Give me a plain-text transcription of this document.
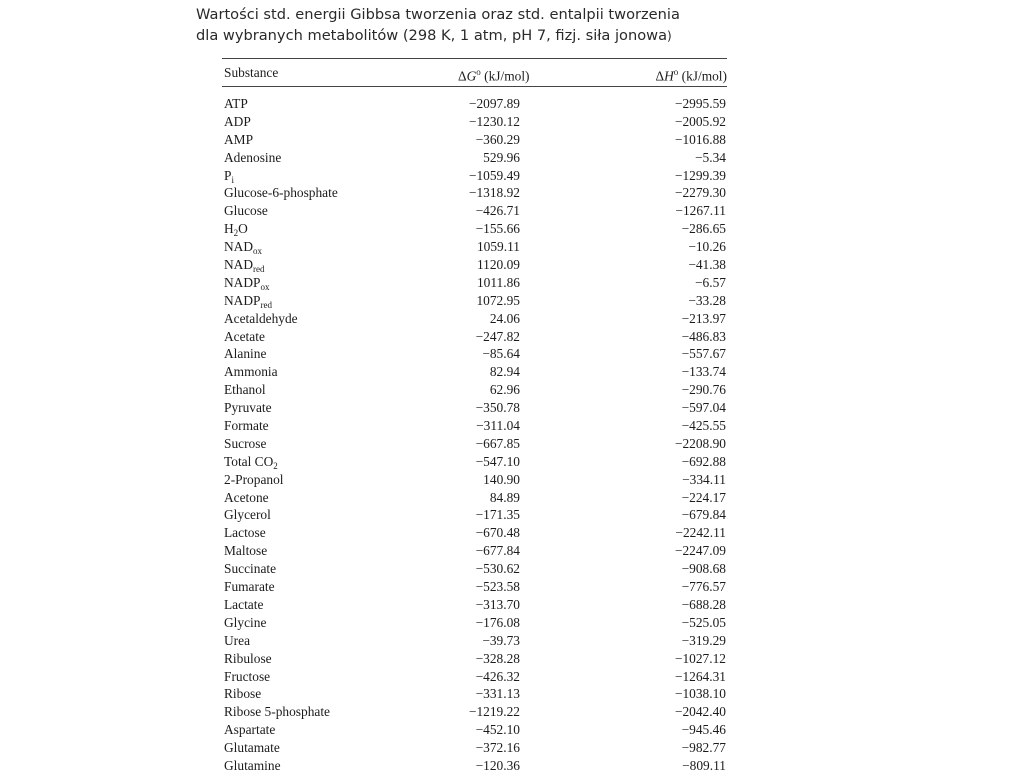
Wartości std. energii Gibbsa tworzenia oraz std. entalpii tworzenia
dla wybranych metabolitów (298 K, 1 atm, pH 7, fizj. siła jonowa)
Substance	$\Delta G^o$ (kJ/mol)	$\Delta H^o$ (kJ/mol)
ATP	−2097.89	−2995.59
ADP	−1230.12	−2005.92
AMP	−360.29	−1016.88
Adenosine	529.96	−5.34
$P_i$	−1059.49	−1299.39
Glucose-6-phosphate	−1318.92	−2279.30
Glucose	−426.71	−1267.11
$H_2O$	−155.66	−286.65
$NAD_{ox}$	1059.11	−10.26
$NAD_{red}$	1120.09	−41.38
$NADP_{ox}$	1011.86	−6.57
$NADP_{red}$	1072.95	−33.28
Acetaldehyde	24.06	−213.97
Acetate	−247.82	−486.83
Alanine	−85.64	−557.67
Ammonia	82.94	−133.74
Ethanol	62.96	−290.76
Pyruvate	−350.78	−597.04
Formate	−311.04	−425.55
Sucrose	−667.85	−2208.90
Total $CO_2$	−547.10	−692.88
2-Propanol	140.90	−334.11
Acetone	84.89	−224.17
Glycerol	−171.35	−679.84
Lactose	−670.48	−2242.11
Maltose	−677.84	−2247.09
Succinate	−530.62	−908.68
Fumarate	−523.58	−776.57
Lactate	−313.70	−688.28
Glycine	−176.08	−525.05
Urea	−39.73	−319.29
Ribulose	−328.28	−1027.12
Fructose	−426.32	−1264.31
Ribose	−331.13	−1038.10
Ribose 5-phosphate	−1219.22	−2042.40
Aspartate	−452.10	−945.46
Glutamate	−372.16	−982.77
Glutamine	−120.36	−809.11
